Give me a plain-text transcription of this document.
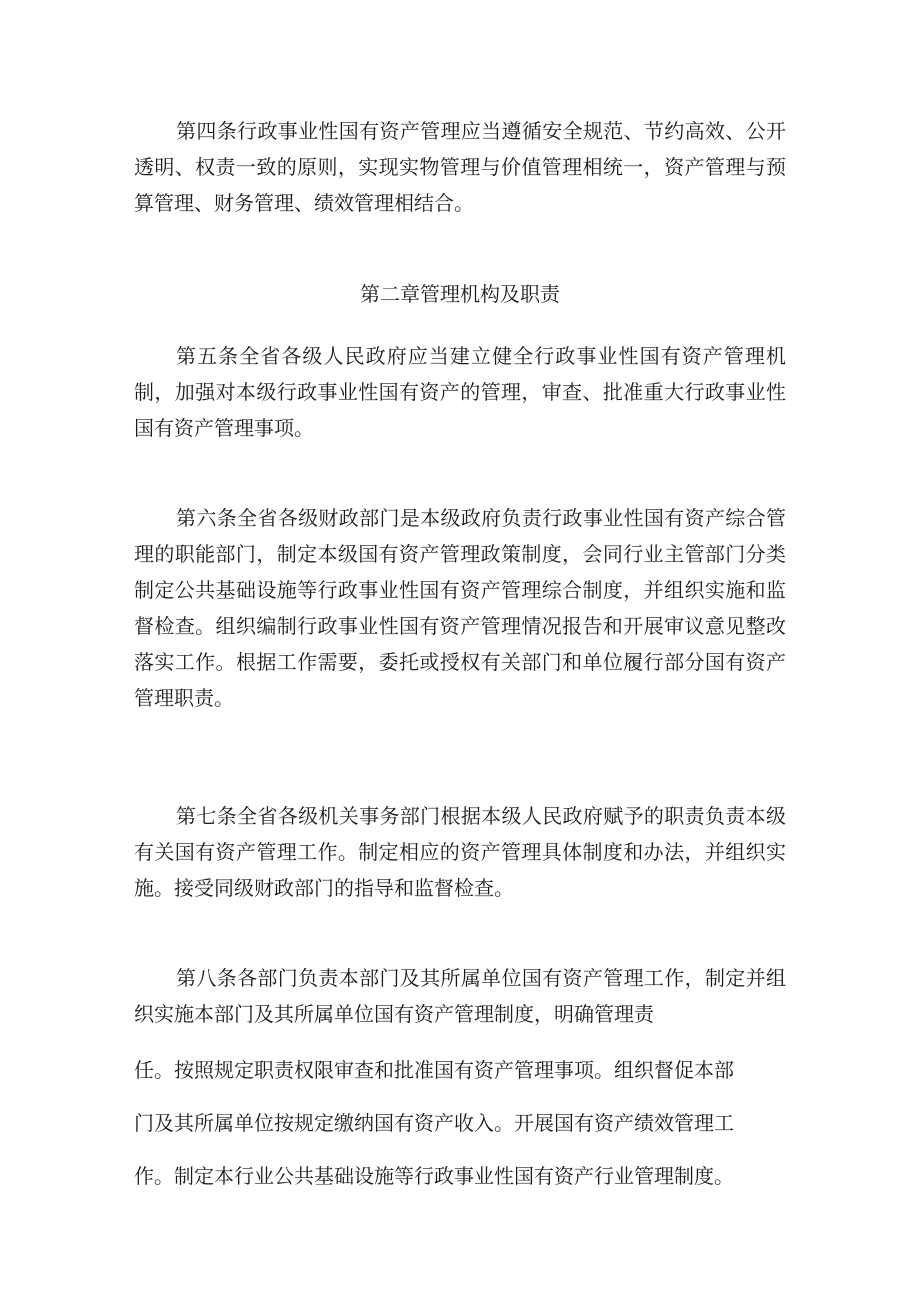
第四条行政事业性国有资产管理应当遵循安全规范、节约高效、公开透明、权责一致的原则，实现实物管理与价值管理相统一，资产管理与预算管理、财务管理、绩效管理相结合。

第二章管理机构及职责

第五条全省各级人民政府应当建立健全行政事业性国有资产管理机制，加强对本级行政事业性国有资产的管理，审查、批准重大行政事业性国有资产管理事项。

第六条全省各级财政部门是本级政府负责行政事业性国有资产综合管理的职能部门，制定本级国有资产管理政策制度，会同行业主管部门分类制定公共基础设施等行政事业性国有资产管理综合制度，并组织实施和监督检查。组织编制行政事业性国有资产管理情况报告和开展审议意见整改落实工作。根据工作需要，委托或授权有关部门和单位履行部分国有资产管理职责。

第七条全省各级机关事务部门根据本级人民政府赋予的职责负责本级有关国有资产管理工作。制定相应的资产管理具体制度和办法，并组织实施。接受同级财政部门的指导和监督检查。

第八条各部门负责本部门及其所属单位国有资产管理工作，制定并组织实施本部门及其所属单位国有资产管理制度，明确管理责

任。按照规定职责权限审查和批准国有资产管理事项。组织督促本部

门及其所属单位按规定缴纳国有资产收入。开展国有资产绩效管理工

作。制定本行业公共基础设施等行政事业性国有资产行业管理制度。
